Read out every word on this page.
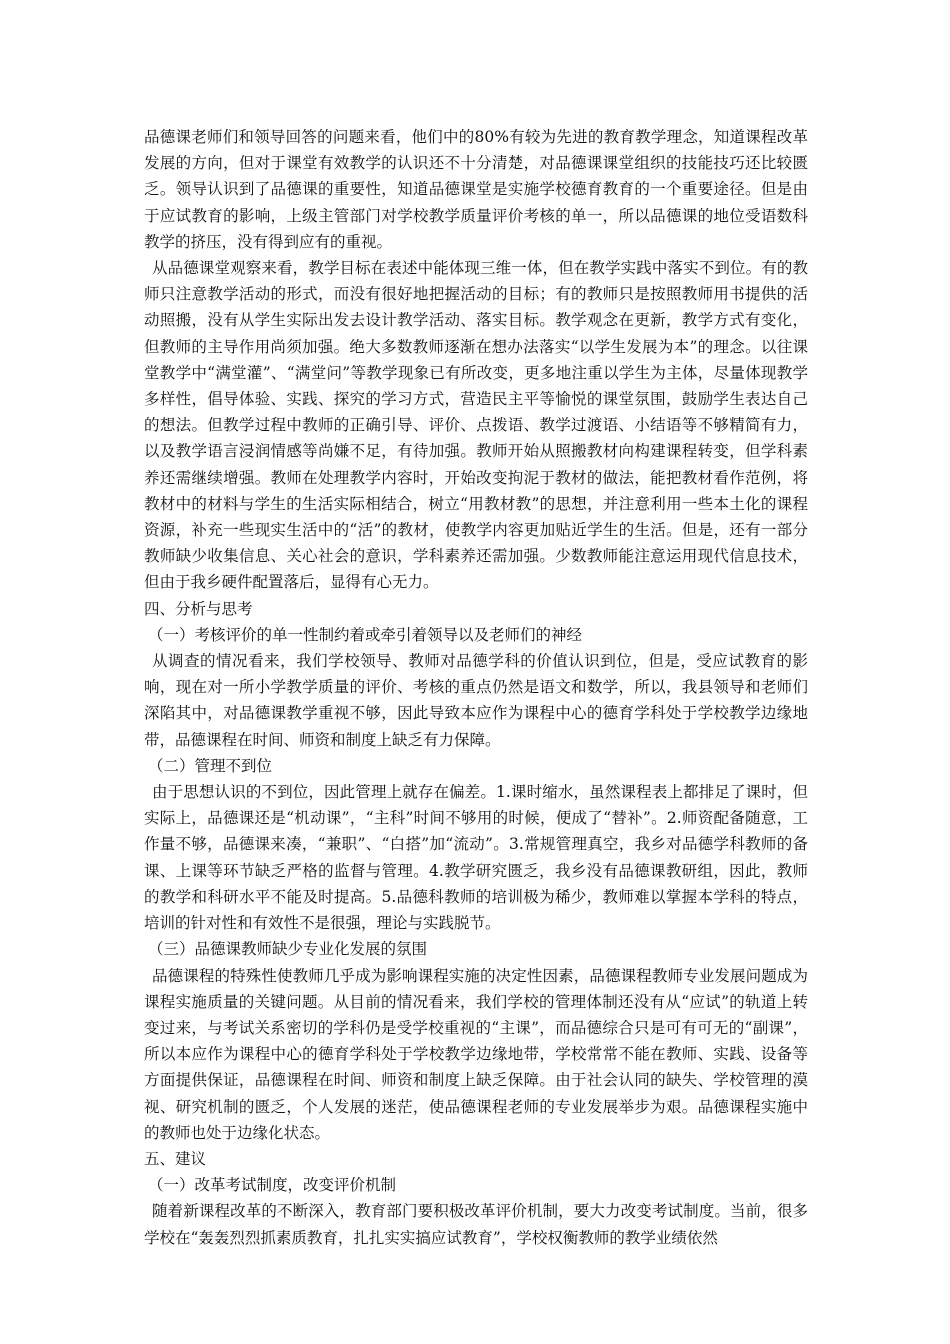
品德课老师们和领导回答的问题来看，他们中的80%有较为先进的教育教学理念，知道课程改革发展的方向，但对于课堂有效教学的认识还不十分清楚，对品德课课堂组织的技能技巧还比较匮乏。领导认识到了品德课的重要性，知道品德课堂是实施学校德育教育的一个重要途径。但是由于应试教育的影响，上级主管部门对学校教学质量评价考核的单一，所以品德课的地位受语数科教学的挤压，没有得到应有的重视。

从品德课堂观察来看，教学目标在表述中能体现三维一体，但在教学实践中落实不到位。有的教师只注意教学活动的形式，而没有很好地把握活动的目标；有的教师只是按照教师用书提供的活动照搬，没有从学生实际出发去设计教学活动、落实目标。教学观念在更新，教学方式有变化，但教师的主导作用尚须加强。绝大多数教师逐渐在想办法落实“以学生发展为本”的理念。以往课堂教学中“满堂灌”、“满堂问”等教学现象已有所改变，更多地注重以学生为主体，尽量体现教学多样性，倡导体验、实践、探究的学习方式，营造民主平等愉悦的课堂氛围，鼓励学生表达自己的想法。但教学过程中教师的正确引导、评价、点拨语、教学过渡语、小结语等不够精简有力，以及教学语言浸润情感等尚嫌不足，有待加强。教师开始从照搬教材向构建课程转变，但学科素养还需继续增强。教师在处理教学内容时，开始改变拘泥于教材的做法，能把教材看作范例，将教材中的材料与学生的生活实际相结合，树立“用教材教”的思想，并注意利用一些本土化的课程资源，补充一些现实生活中的“活”的教材，使教学内容更加贴近学生的生活。但是，还有一部分教师缺少收集信息、关心社会的意识，学科素养还需加强。少数教师能注意运用现代信息技术，但由于我乡硬件配置落后，显得有心无力。

四、分析与思考

（一）考核评价的单一性制约着或牵引着领导以及老师们的神经

从调查的情况看来，我们学校领导、教师对品德学科的价值认识到位，但是，受应试教育的影响，现在对一所小学教学质量的评价、考核的重点仍然是语文和数学，所以，我县领导和老师们深陷其中，对品德课教学重视不够，因此导致本应作为课程中心的德育学科处于学校教学边缘地带，品德课程在时间、师资和制度上缺乏有力保障。

（二）管理不到位

由于思想认识的不到位，因此管理上就存在偏差。1.课时缩水，虽然课程表上都排足了课时，但实际上，品德课还是“机动课”，“主科”时间不够用的时候，便成了“替补”。2.师资配备随意，工作量不够，品德课来凑，“兼职”、“白搭”加“流动”。3.常规管理真空，我乡对品德学科教师的备课、上课等环节缺乏严格的监督与管理。4.教学研究匮乏，我乡没有品德课教研组，因此，教师的教学和科研水平不能及时提高。5.品德科教师的培训极为稀少，教师难以掌握本学科的特点，培训的针对性和有效性不是很强，理论与实践脱节。

（三）品德课教师缺少专业化发展的氛围

品德课程的特殊性使教师几乎成为影响课程实施的决定性因素，品德课程教师专业发展问题成为课程实施质量的关键问题。从目前的情况看来，我们学校的管理体制还没有从“应试”的轨道上转变过来，与考试关系密切的学科仍是受学校重视的“主课”，而品德综合只是可有可无的“副课”，所以本应作为课程中心的德育学科处于学校教学边缘地带，学校常常不能在教师、实践、设备等方面提供保证，品德课程在时间、师资和制度上缺乏保障。由于社会认同的缺失、学校管理的漠视、研究机制的匮乏，个人发展的迷茫，使品德课程老师的专业发展举步为艰。品德课程实施中的教师也处于边缘化状态。

五、建议

（一）改革考试制度，改变评价机制

随着新课程改革的不断深入，教育部门要积极改革评价机制，要大力改变考试制度。当前，很多学校在“轰轰烈烈抓素质教育，扎扎实实搞应试教育”，学校权衡教师的教学业绩依然
